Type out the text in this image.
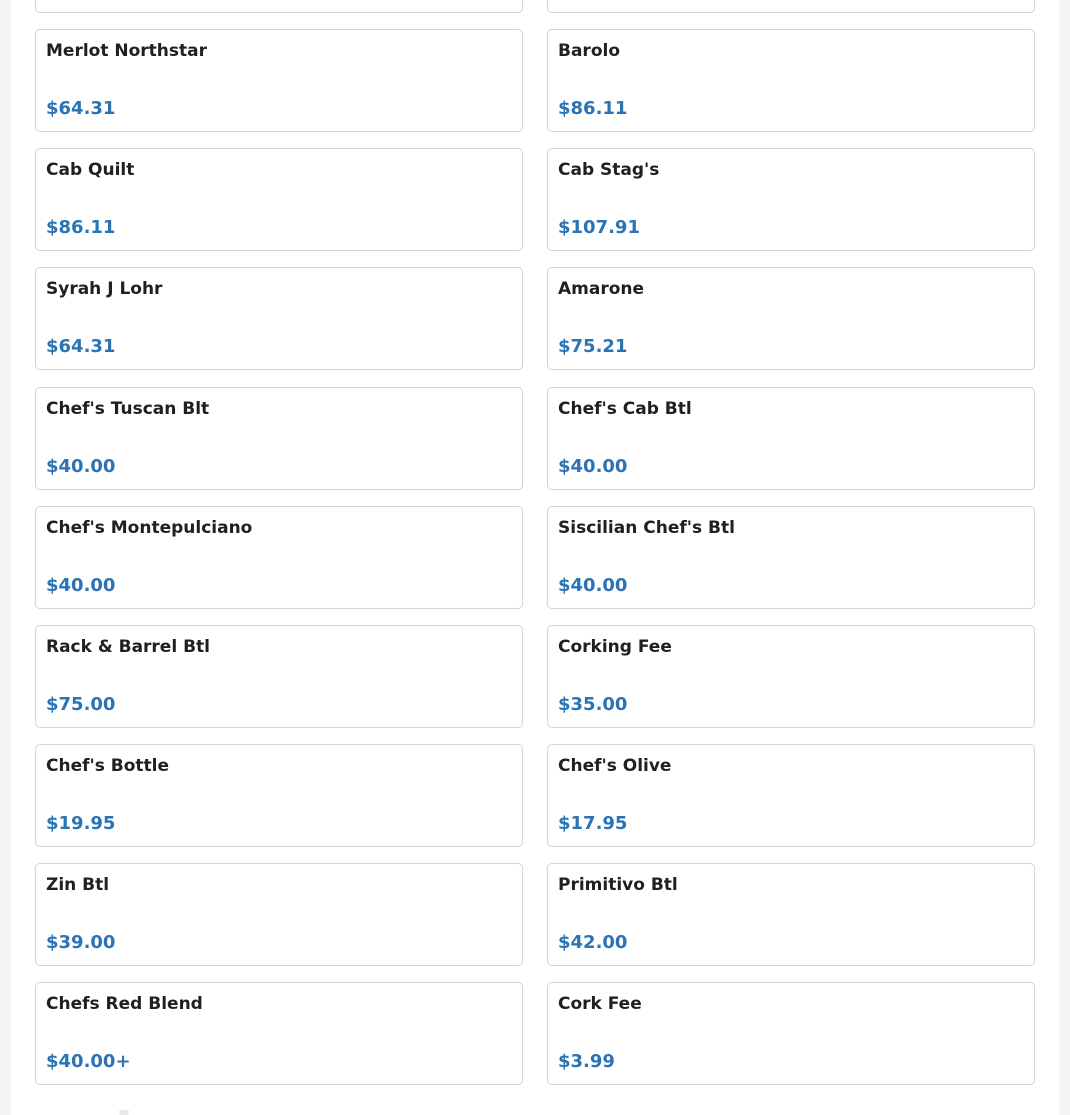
Merlot Northstar
$64.31
Barolo
$86.11
Cab Quilt
$86.11
Cab Stag's
$107.91
Syrah J Lohr
$64.31
Amarone
$75.21
Chef's Tuscan Blt
$40.00
Chef's Cab Btl
$40.00
Chef's Montepulciano
$40.00
Siscilian Chef's Btl
$40.00
Rack & Barrel Btl
$75.00
Corking Fee
$35.00
Chef's Bottle
$19.95
Chef's Olive
$17.95
Zin Btl
$39.00
Primitivo Btl
$42.00
Chefs Red Blend
$40.00+
Cork Fee
$3.99
